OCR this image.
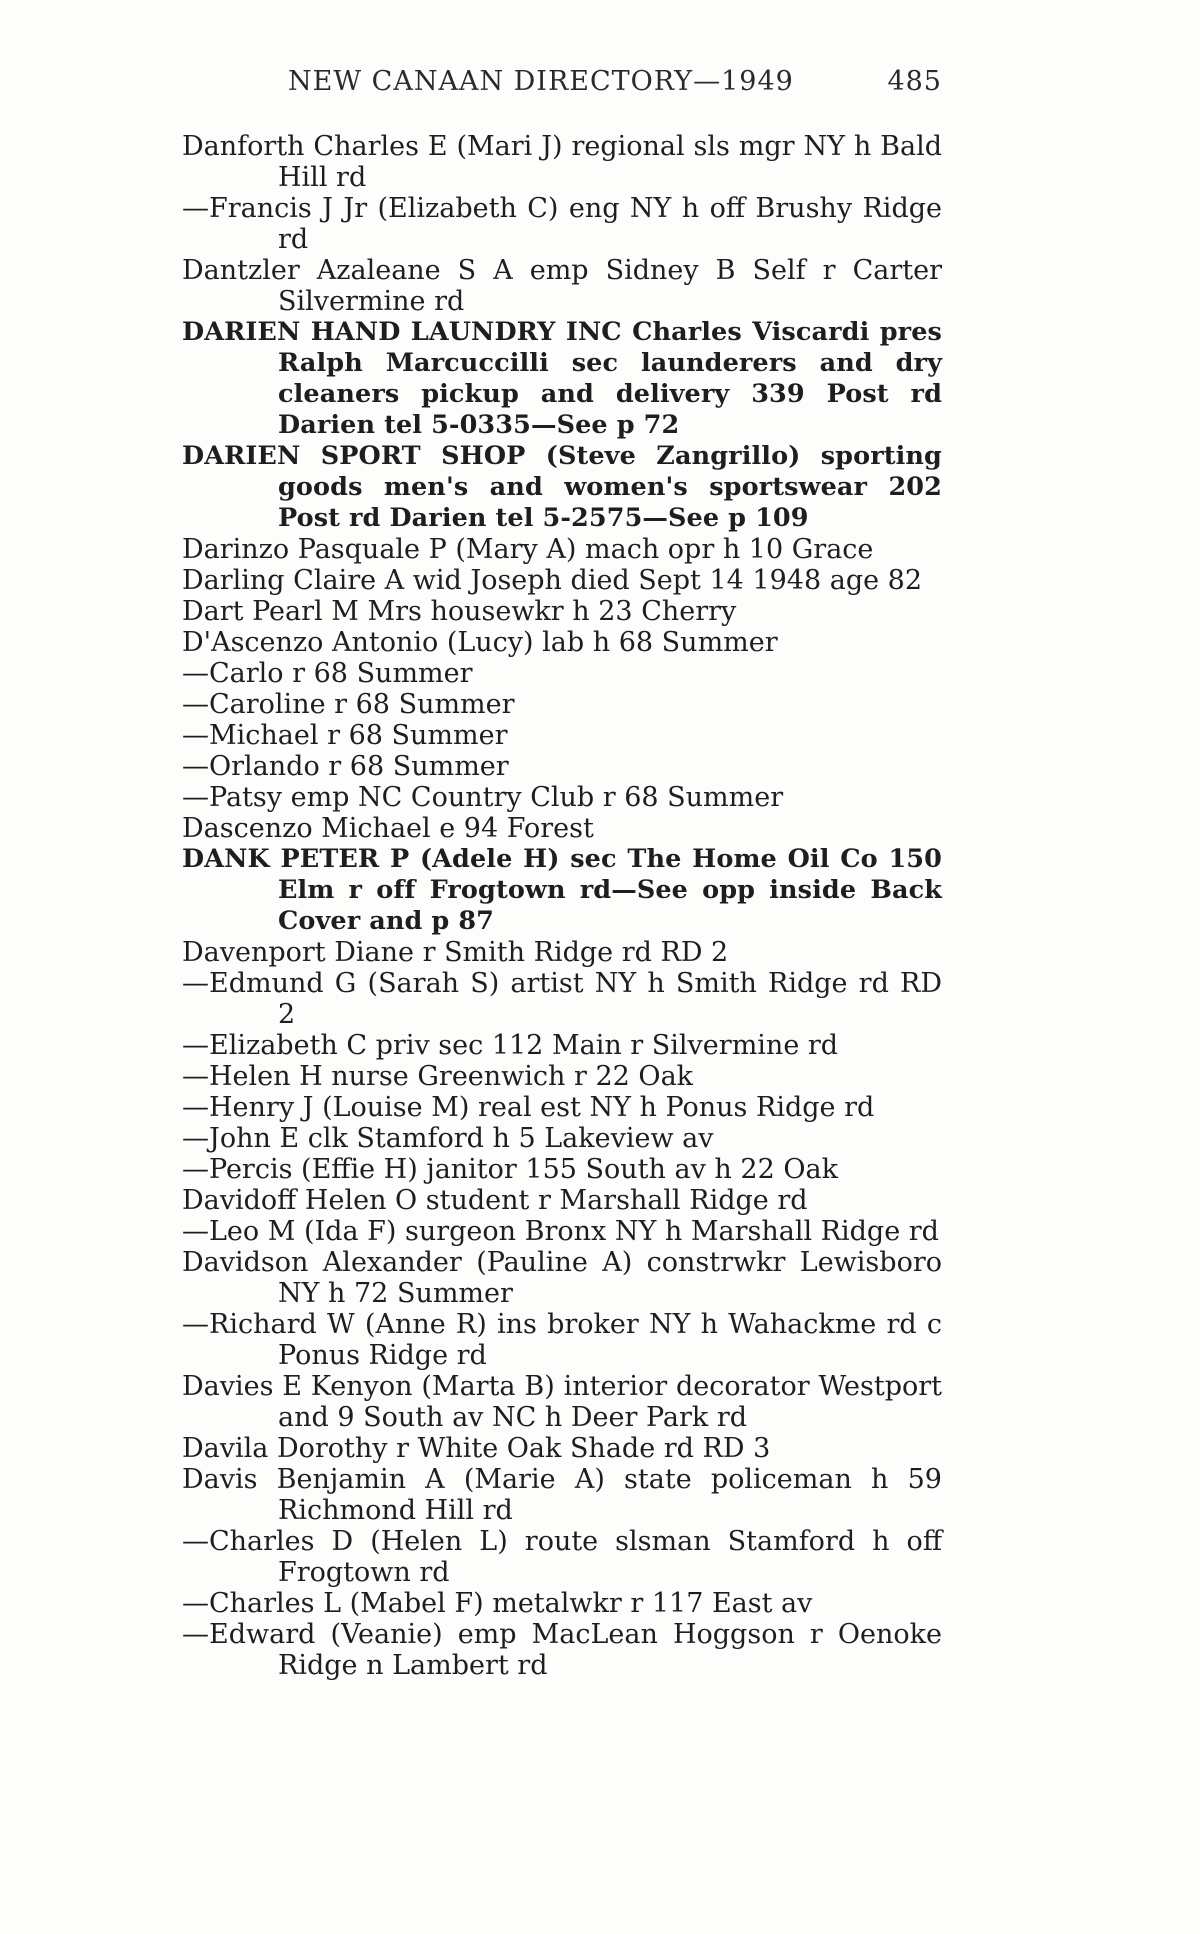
NEW CANAAN DIRECTORY—1949	485

Danforth Charles E (Mari J) regional sls mgr NY h Bald Hill rd

—Francis J Jr (Elizabeth C) eng NY h off Brushy Ridge rd

Dantzler Azaleane S A emp Sidney B Self r Carter Silvermine rd

DARIEN HAND LAUNDRY INC Charles Viscardi pres Ralph Marcuccilli sec launderers and dry cleaners pickup and delivery 339 Post rd Darien tel 5-0335—See p 72

DARIEN SPORT SHOP (Steve Zangrillo) sporting goods men's and women's sportswear 202 Post rd Darien tel 5-2575—See p 109

Darinzo Pasquale P (Mary A) mach opr h 10 Grace

Darling Claire A wid Joseph died Sept 14 1948 age 82

Dart Pearl M Mrs housewkr h 23 Cherry

D'Ascenzo Antonio (Lucy) lab h 68 Summer

—Carlo r 68 Summer

—Caroline r 68 Summer

—Michael r 68 Summer

—Orlando r 68 Summer

—Patsy emp NC Country Club r 68 Summer

Dascenzo Michael e 94 Forest

DANK PETER P (Adele H) sec The Home Oil Co 150 Elm r off Frogtown rd—See opp inside Back Cover and p 87

Davenport Diane r Smith Ridge rd RD 2

—Edmund G (Sarah S) artist NY h Smith Ridge rd RD 2

—Elizabeth C priv sec 112 Main r Silvermine rd

—Helen H nurse Greenwich r 22 Oak

—Henry J (Louise M) real est NY h Ponus Ridge rd

—John E clk Stamford h 5 Lakeview av

—Percis (Effie H) janitor 155 South av h 22 Oak

Davidoff Helen O student r Marshall Ridge rd

—Leo M (Ida F) surgeon Bronx NY h Marshall Ridge rd

Davidson Alexander (Pauline A) constrwkr Lewisboro NY h 72 Summer

—Richard W (Anne R) ins broker NY h Wahackme rd c Ponus Ridge rd

Davies E Kenyon (Marta B) interior decorator Westport and 9 South av NC h Deer Park rd

Davila Dorothy r White Oak Shade rd RD 3

Davis Benjamin A (Marie A) state policeman h 59 Richmond Hill rd

—Charles D (Helen L) route slsman Stamford h off Frogtown rd

—Charles L (Mabel F) metalwkr r 117 East av

—Edward (Veanie) emp MacLean Hoggson r Oenoke Ridge n Lambert rd
